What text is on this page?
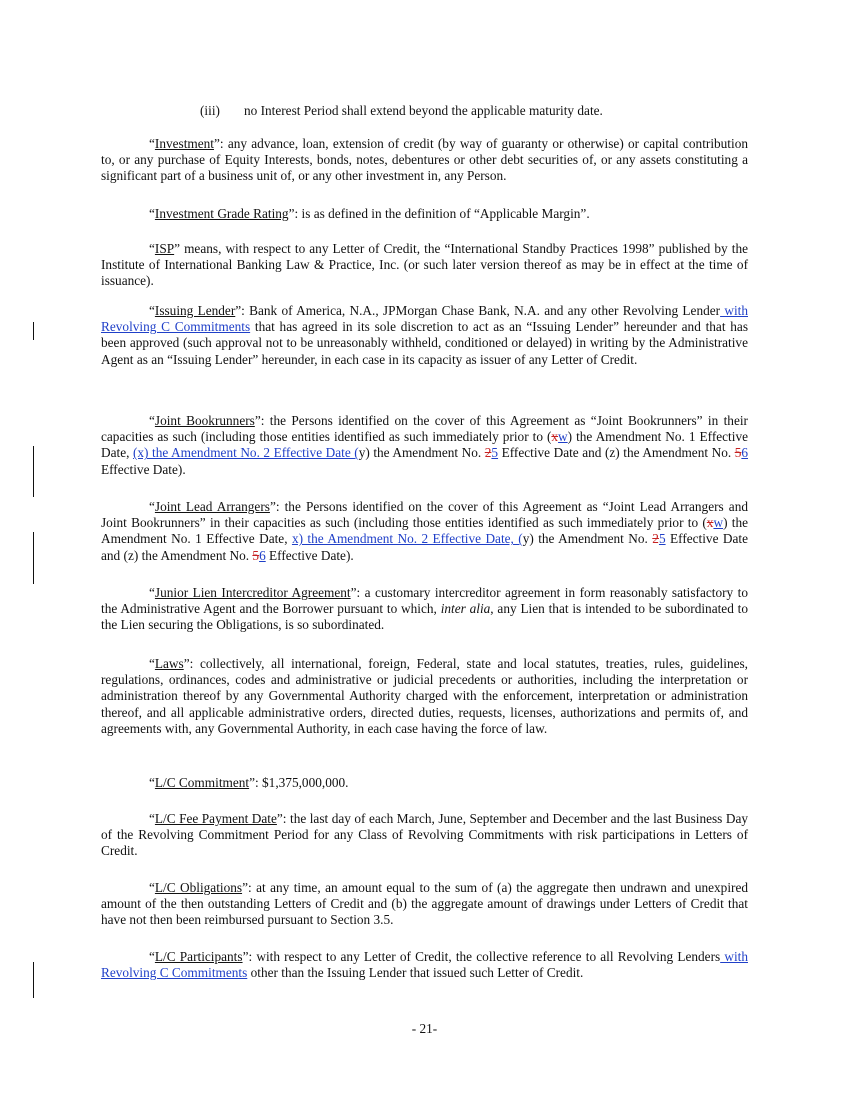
(iii) no Interest Period shall extend beyond the applicable maturity date.

“Investment”: any advance, loan, extension of credit (by way of guaranty or otherwise) or capital contribution to, or any purchase of Equity Interests, bonds, notes, debentures or other debt securities of, or any assets constituting a significant part of a business unit of, or any other investment in, any Person.

“Investment Grade Rating”: is as defined in the definition of “Applicable Margin”.

“ISP” means, with respect to any Letter of Credit, the “International Standby Practices 1998” published by the Institute of International Banking Law & Practice, Inc. (or such later version thereof as may be in effect at the time of issuance).

“Issuing Lender”: Bank of America, N.A., JPMorgan Chase Bank, N.A. and any other Revolving Lender with Revolving C Commitments that has agreed in its sole discretion to act as an “Issuing Lender” hereunder and that has been approved (such approval not to be unreasonably withheld, conditioned or delayed) in writing by the Administrative Agent as an “Issuing Lender” hereunder, in each case in its capacity as issuer of any Letter of Credit.

“Joint Bookrunners”: the Persons identified on the cover of this Agreement as “Joint Bookrunners” in their capacities as such (including those entities identified as such immediately prior to (xw) the Amendment No. 1 Effective Date, (x) the Amendment No. 2 Effective Date (y) the Amendment No. 25 Effective Date and (z) the Amendment No. 56 Effective Date).

“Joint Lead Arrangers”: the Persons identified on the cover of this Agreement as “Joint Lead Arrangers and Joint Bookrunners” in their capacities as such (including those entities identified as such immediately prior to (xw) the Amendment No. 1 Effective Date, x) the Amendment No. 2 Effective Date, (y) the Amendment No. 25 Effective Date and (z) the Amendment No. 56 Effective Date).

“Junior Lien Intercreditor Agreement”: a customary intercreditor agreement in form reasonably satisfactory to the Administrative Agent and the Borrower pursuant to which, inter alia, any Lien that is intended to be subordinated to the Lien securing the Obligations, is so subordinated.

“Laws”: collectively, all international, foreign, Federal, state and local statutes, treaties, rules, guidelines, regulations, ordinances, codes and administrative or judicial precedents or authorities, including the interpretation or administration thereof by any Governmental Authority charged with the enforcement, interpretation or administration thereof, and all applicable administrative orders, directed duties, requests, licenses, authorizations and permits of, and agreements with, any Governmental Authority, in each case having the force of law.

“L/C Commitment”: $1,375,000,000.

“L/C Fee Payment Date”: the last day of each March, June, September and December and the last Business Day of the Revolving Commitment Period for any Class of Revolving Commitments with risk participations in Letters of Credit.

“L/C Obligations”: at any time, an amount equal to the sum of (a) the aggregate then undrawn and unexpired amount of the then outstanding Letters of Credit and (b) the aggregate amount of drawings under Letters of Credit that have not then been reimbursed pursuant to Section 3.5.

“L/C Participants”: with respect to any Letter of Credit, the collective reference to all Revolving Lenders with Revolving C Commitments other than the Issuing Lender that issued such Letter of Credit.

- 21-
